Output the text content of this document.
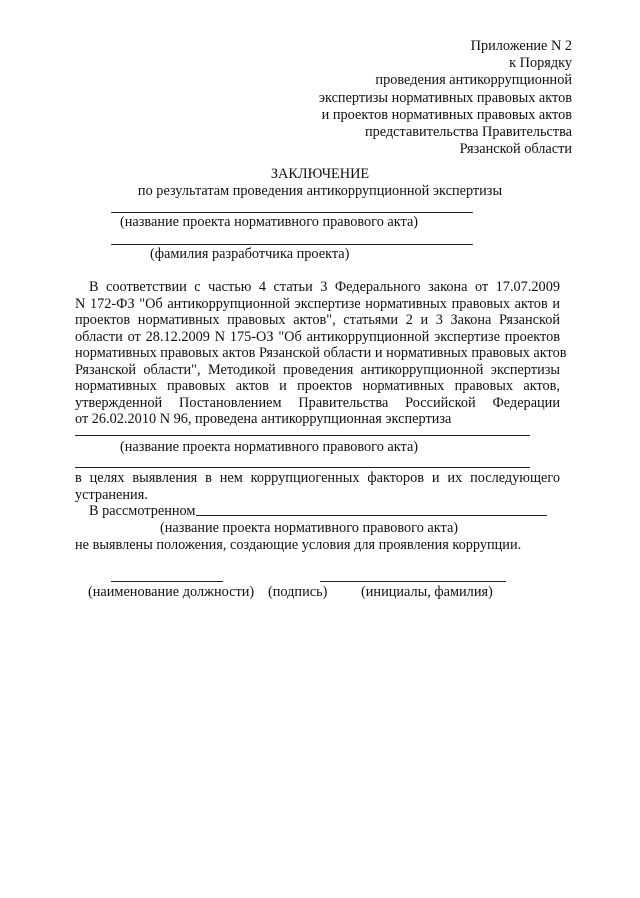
Приложение N 2
к Порядку
проведения антикоррупционной
экспертизы нормативных правовых актов
и проектов нормативных правовых актов
представительства Правительства
Рязанской области
ЗАКЛЮЧЕНИЕ
по результатам проведения антикоррупционной экспертизы
(название проекта нормативного правового акта)
(фамилия разработчика проекта)
В соответствии с частью 4 статьи 3 Федерального закона от 17.07.2009
N 172-ФЗ "Об антикоррупционной экспертизе нормативных правовых актов и
проектов нормативных правовых актов", статьями 2 и 3 Закона Рязанской
области от 28.12.2009 N 175-ОЗ "Об антикоррупционной экспертизе проектов
нормативных правовых актов Рязанской области и нормативных правовых актов
Рязанской области", Методикой проведения антикоррупционной экспертизы
нормативных правовых актов и проектов нормативных правовых актов,
утвержденной Постановлением Правительства Российской Федерации
от 26.02.2010 N 96, проведена антикоррупционная экспертиза
(название проекта нормативного правового акта)
в целях выявления в нем коррупциогенных факторов и их последующего
устранения.
В рассмотренном
(название проекта нормативного правового акта)
не выявлены положения, создающие условия для проявления коррупции.
(наименование должности) (подпись) (инициалы, фамилия)
